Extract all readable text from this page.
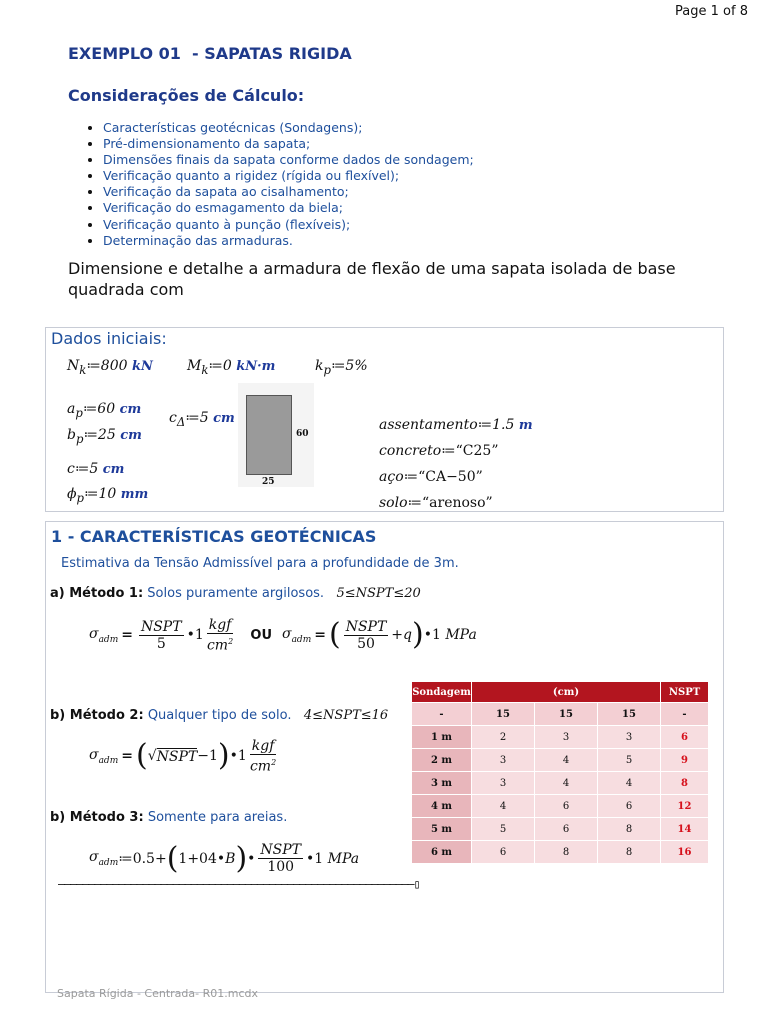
Page 1 of 8
EXEMPLO 01  - SAPATAS RIGIDA
Considerações de Cálculo:
• Características geotécnicas (Sondagens);
• Pré-dimensionamento da sapata;
• Dimensões finais da sapata conforme dados de sondagem;
• Verificação quanto a rigidez (rígida ou flexível);
• Verificação da sapata ao cisalhamento;
• Verificação do esmagamento da biela;
• Verificação quanto à punção (flexíveis);
• Determinação das armaduras.
Dimensione e detalhe a armadura de flexão de uma sapata isolada de base quadrada com
Dados iniciais:
$N_k≔800$ kN $M_k≔0$ kN·m	$k_p≔5\%$
$a_p≔60$ cm
$b_p≔25$ cm
c≔5 cm
$\phi_p≔10$ mm
$c_\Delta≔5$ cm
60
25
assentamento≔1.5 m
concreto≔“C25”
aço≔“CA−50”
solo≔“arenoso”
1 - CARACTERÍSTICAS GEOTÉCNICAS
Estimativa da Tensão Admissível para a profundidade de 3m.
a) Método 1: Solos puramente argilosos. 5≤NSPT≤20
$\sigma_{adm} = \frac{\text{NSPT}}{5}$ •1 $\frac{\text{kgf}}{cm^2}$ OU $\sigma_{adm}$ = ( $\frac{\text{NSPT}}{50} + q$ ) •1 MPa
b) Método 2: Qualquer tipo de solo. 4≤NSPT≤16
$\sigma_{adm}$ = ( √ NSPT −1 ) •1 $\frac{\text{kgf}}{cm^2}$
b) Método 3: Somente para areias.
$\sigma_{adm}$ ≔0.5+ ( 1+04 • B ) • $\frac{\text{NSPT}}{100}$ •1 MPa
Sondagem	(cm)			NSPT
-	15	15	15	-
1 m	2	3	3	6
2 m	3	4	5	9
3 m	3	4	4	8
4 m	4	6	6	12
5 m	5	6	8	14
6 m	6	8	8	16
———————————————————————————————————————————————————————————▯
Sapata Rígida - Centrada- R01.mcdx
